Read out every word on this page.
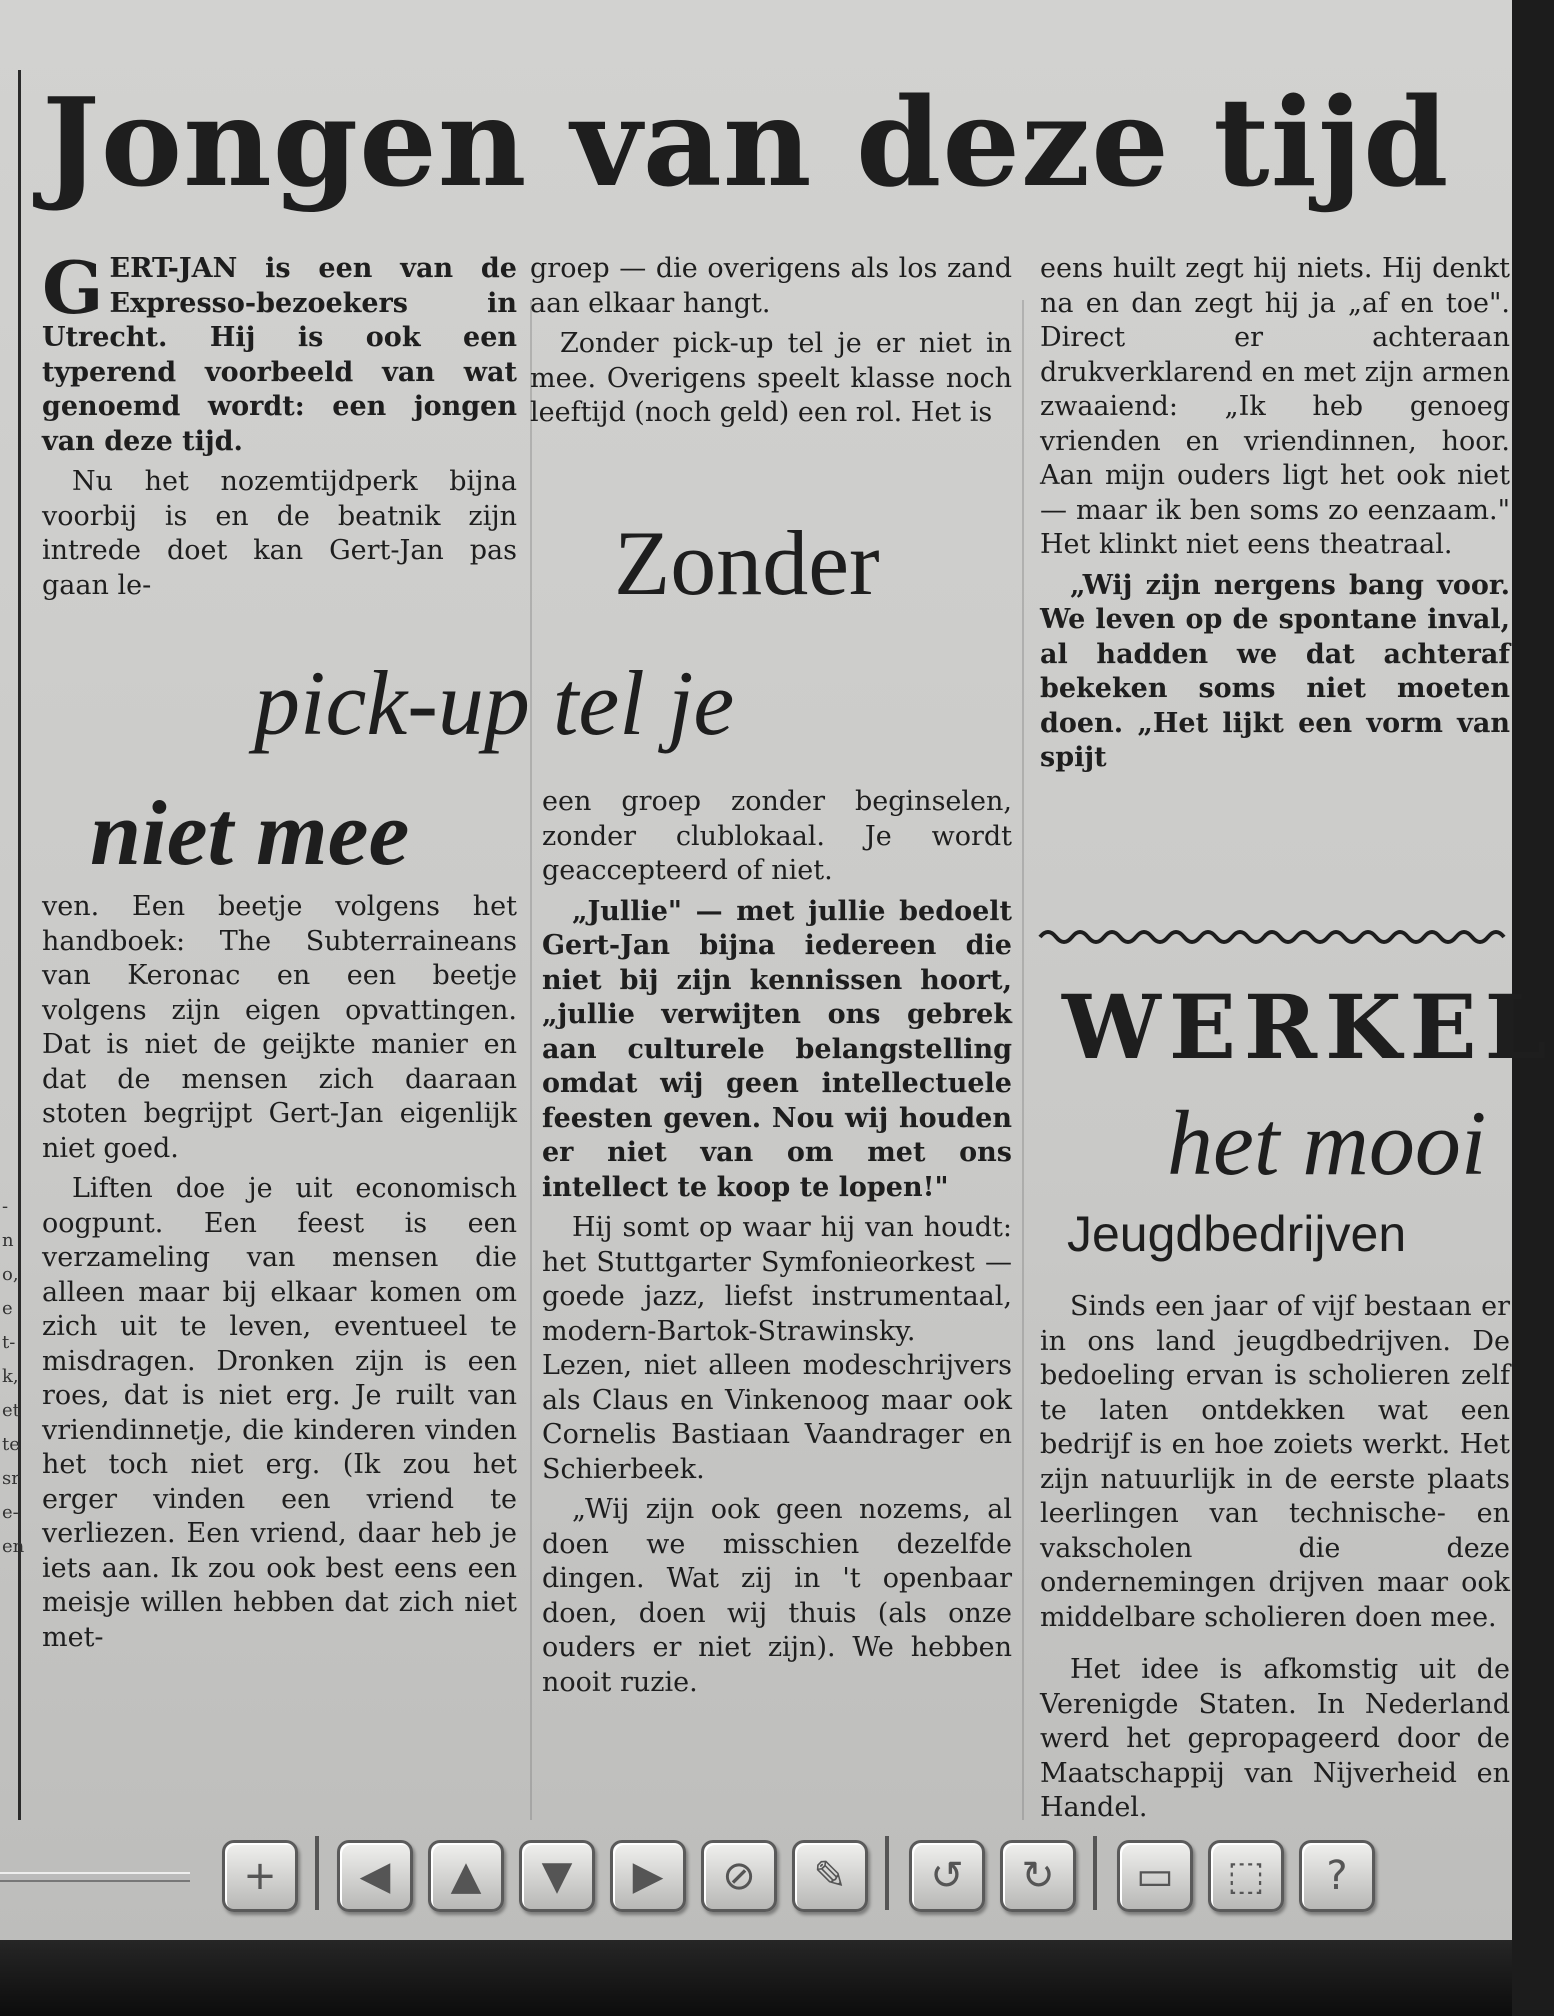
-
n
o,
e
t-
k,
et
te
sr
e-
en
Jongen van deze tijd

G ERT-JAN is een van de Expresso-bezoekers in Utrecht. Hij is ook een typerend voorbeeld van wat genoemd wordt: een jongen van deze tijd.

Nu het nozemtijdperk bijna voorbij is en de beatnik zijn intrede doet kan Gert-Jan pas gaan le-

groep — die overigens als los zand aan elkaar hangt.

Zonder pick-up tel je er niet in mee. Overigens speelt klasse noch leeftijd (noch geld) een rol. Het is

eens huilt zegt hij niets. Hij denkt na en dan zegt hij ja „af en toe". Direct er achteraan drukverklarend en met zijn armen zwaaiend: „Ik heb genoeg vrienden en vriendinnen, hoor. Aan mijn ouders ligt het ook niet — maar ik ben soms zo eenzaam." Het klinkt niet eens theatraal.

„Wij zijn nergens bang voor. We leven op de spontane inval, al hadden we dat achteraf bekeken soms niet moeten doen. „Het lijkt een vorm van spijt

Zonder
pick-up tel je
niet mee

ven. Een beetje volgens het handboek: The Subterraineans van Keronac en een beetje volgens zijn eigen opvattingen. Dat is niet de geijkte manier en dat de mensen zich daaraan stoten begrijpt Gert-Jan eigenlijk niet goed.

Liften doe je uit economisch oogpunt. Een feest is een verzameling van mensen die alleen maar bij elkaar komen om zich uit te leven, eventueel te misdragen. Dronken zijn is een roes, dat is niet erg. Je ruilt van vriendinnetje, die kinderen vinden het toch niet erg. (Ik zou het erger vinden een vriend te verliezen. Een vriend, daar heb je iets aan. Ik zou ook best eens een meisje willen hebben dat zich niet met-

een groep zonder beginselen, zonder clublokaal. Je wordt geaccepteerd of niet.

„Jullie" — met jullie bedoelt Gert-Jan bijna iedereen die niet bij zijn kennissen hoort, „jullie verwijten ons gebrek aan culturele belangstelling omdat wij geen intellectuele feesten geven. Nou wij houden er niet van om met ons intellect te koop te lopen!"

Hij somt op waar hij van houdt: het Stuttgarter Symfonieorkest — goede jazz, liefst instrumentaal, modern-Bartok-Strawinsky. Lezen, niet alleen modeschrijvers als Claus en Vinkenoog maar ook Cornelis Bastiaan Vaandrager en Schierbeek.

„Wij zijn ook geen nozems, al doen we misschien dezelfde dingen. Wat zij in 't openbaar doen, doen wij thuis (als onze ouders er niet zijn). We hebben nooit ruzie.

WERKEL
het mooi
Jeugdbedrijven

Sinds een jaar of vijf bestaan er in ons land jeugdbedrijven. De bedoeling ervan is scholieren zelf te laten ontdekken wat een bedrijf is en hoe zoiets werkt. Het zijn natuurlijk in de eerste plaats leerlingen van technische- en vakscholen die deze ondernemingen drijven maar ook middelbare scholieren doen mee.

Het idee is afkomstig uit de Verenigde Staten. In Nederland werd het gepropageerd door de Maatschappij van Nijverheid en Handel.

+ ◀ ▲ ▼ ▶ ⊘ ✎ ↺ ↻ ▭ ⬚ ?
